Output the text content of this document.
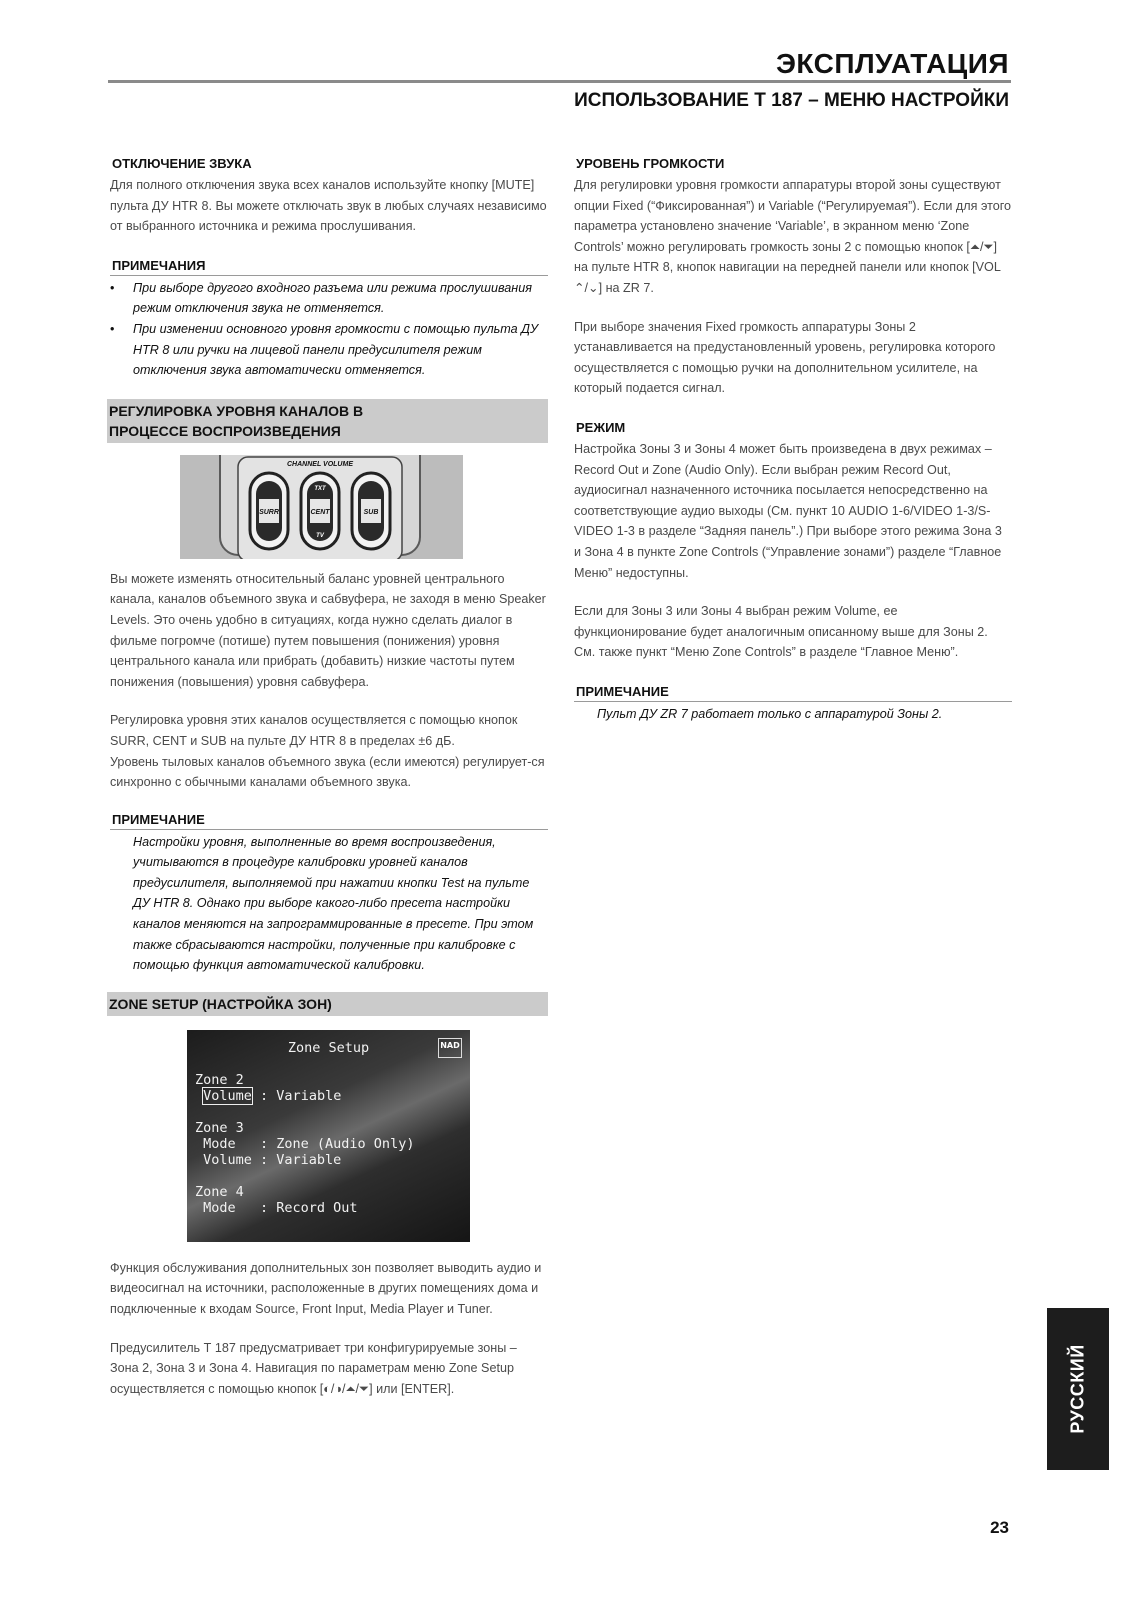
ЭКСПЛУАТАЦИЯ
ИСПОЛЬЗОВАНИЕ Т 187 – МЕНЮ НАСТРОЙКИ
ОТКЛЮЧЕНИЕ ЗВУКА

Для полного отключения звука всех каналов используйте кнопку [MUTE] пульта ДУ HTR 8. Вы можете отключать звук в любых случаях независимо от выбранного источника и режима прослушивания.

ПРИМЕЧАНИЯ
• При выборе другого входного разъема или режима прослушивания режим отключения звука не отменяется.
• При изменении основного уровня громкости с помощью пульта ДУ HTR 8 или ручки на лицевой панели предусилителя режим отключения звука автоматически отменяется.
РЕГУЛИРОВКА УРОВНЯ КАНАЛОВ В
ПРОЦЕССЕ ВОСПРОИЗВЕДЕНИЯ
CHANNEL VOLUME
SURR
TXT
CENT
TV
SUB

Вы можете изменять относительный баланс уровней центрального канала, каналов объемного звука и сабвуфера, не заходя в меню Speaker Levels. Это очень удобно в ситуациях, когда нужно сделать диалог в фильме погромче (потише) путем повышения (понижения) уровня центрального канала или прибрать (добавить) низкие частоты путем понижения (повышения) уровня сабвуфера.

Регулировка уровня этих каналов осуществляется с помощью кнопок SURR, CENT и SUB на пульте ДУ HTR 8 в пределах ±6 дБ.

Уровень тыловых каналов объемного звука (если имеются) регулирует-ся синхронно с обычными каналами объемного звука.

ПРИМЕЧАНИЕ

Настройки уровня, выполненные во время воспроизведения, учитываются в процедуре калибровки уровней каналов предусилителя, выполняемой при нажатии кнопки Test на пульте ДУ HTR 8. Однако при выборе какого-либо пресета настройки каналов меняются на запрограммированные в пресете. При этом также сбрасываются настройки, полученные при калибровке с помощью функция автоматической калибровки.

ZONE SETUP (НАСТРОЙКА ЗОН)
Zone Setup	NAD
Zone 2
Volume : Variable
Zone 3
Mode   : Zone (Audio Only)
Volume : Variable
Zone 4
Mode   : Record Out

Функция обслуживания дополнительных зон позволяет выводить аудио и видеосигнал на источники, расположенные в других помещениях дома и подключенные к входам Source, Front Input, Media Player и Tuner.

Предусилитель Т 187 предусматривает три конфигурируемые зоны – Зона 2, Зона 3 и Зона 4. Навигация по параметрам меню Zone Setup осуществляется с помощью кнопок [◐/◑/⏶/⏷] или [ENTER].

УРОВЕНЬ ГРОМКОСТИ

Для регулировки уровня громкости аппаратуры второй зоны существуют опции Fixed (“Фиксированная”) и Variable (“Регулируемая”). Если для этого параметра установлено значение ‘Variable’, в экранном меню ‘Zone Controls’ можно регулировать громкость зоны 2 с помощью кнопок [⏶/⏷] на пульте HTR 8, кнопок навигации на передней панели или кнопок [VOL ⌃/⌄] на ZR 7.

При выборе значения Fixed громкость аппаратуры Зоны 2 устанавливается на предустановленный уровень, регулировка которого осуществляется с помощью ручки на дополнительном усилителе, на который подается сигнал.

РЕЖИМ

Настройка Зоны 3 и Зоны 4 может быть произведена в двух режимах – Record Out и Zone (Audio Only). Если выбран режим Record Out, аудиосигнал назначенного источника посылается непосредственно на соответствующие аудио выходы (См. пункт 10 AUDIO 1-6/VIDEO 1-3/S-VIDEO 1-3 в разделе “Задняя панель”.) При выборе этого режима Зона 3 и Зона 4 в пункте Zone Controls (“Управление зонами”) разделе “Главное Меню” недоступны.

Если для Зоны 3 или Зоны 4 выбран режим Volume, ее функционирование будет аналогичным описанному выше для Зоны 2.

См. также пункт “Меню Zone Controls” в разделе “Главное Меню”.

ПРИМЕЧАНИЕ

Пульт ДУ ZR 7 работает только с аппаратурой Зоны 2.

РУССКИЙ
23
